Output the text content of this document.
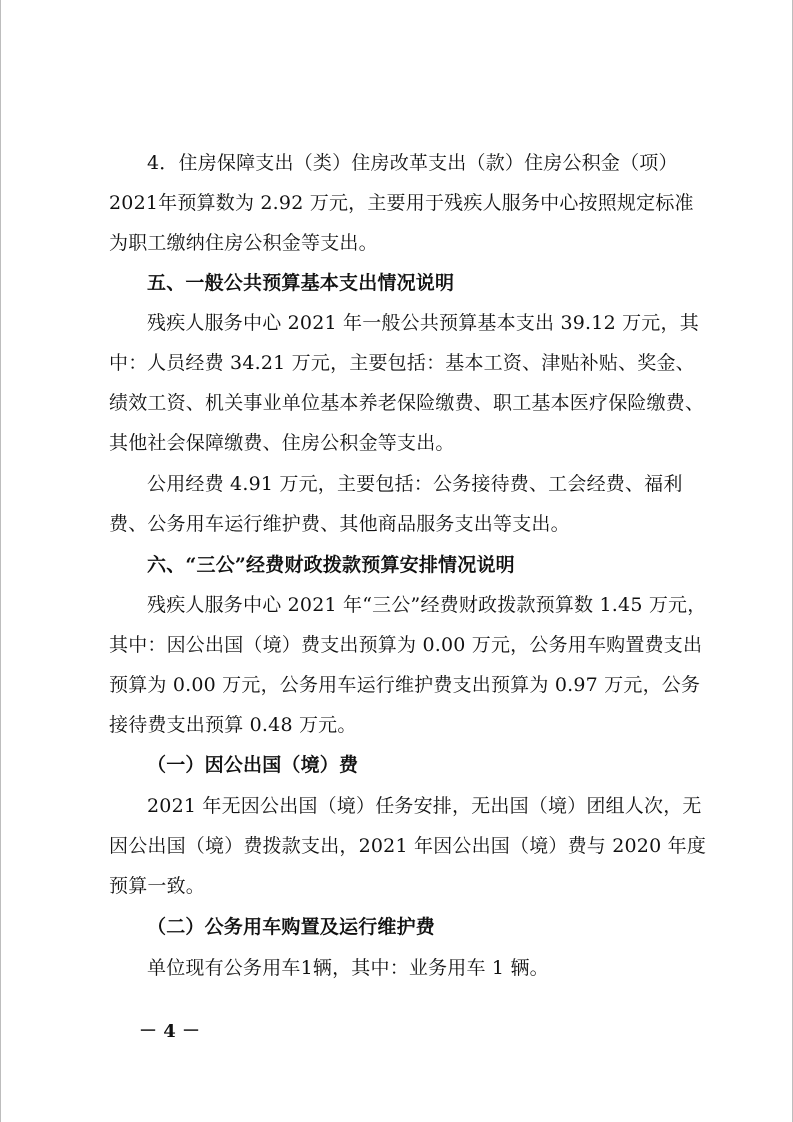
4．住房保障支出（类）住房改革支出（款）住房公积金（项）2021年预算数为 2.92 万元，主要用于残疾人服务中心按照规定标准为职工缴纳住房公积金等支出。

五、一般公共预算基本支出情况说明

残疾人服务中心 2021 年一般公共预算基本支出 39.12 万元，其中： 人员经费 34.21 万元，主要包括：基本工资、津贴补贴、奖金、绩效工资、机关事业单位基本养老保险缴费、职工基本医疗保险缴费、其他社会保障缴费、住房公积金等支出。

公用经费 4.91 万元，主要包括：公务接待费、工会经费、福利费、公务用车运行维护费、其他商品服务支出等支出。

六、“三公”经费财政拨款预算安排情况说明

残疾人服务中心 2021 年“三公”经费财政拨款预算数 1.45 万元，其中：因公出国（境）费支出预算为 0.00 万元，公务用车购置费支出预算为 0.00 万元，公务用车运行维护费支出预算为 0.97 万元，公务接待费支出预算 0.48 万元。

（一）因公出国（境）费

2021 年无因公出国（境）任务安排，无出国（境）团组人次，无因公出国（境）费拨款支出，2021 年因公出国（境）费与 2020 年度预算一致。

（二）公务用车购置及运行维护费

单位现有公务用车1辆，其中：业务用车 1 辆。

－ 4 －
